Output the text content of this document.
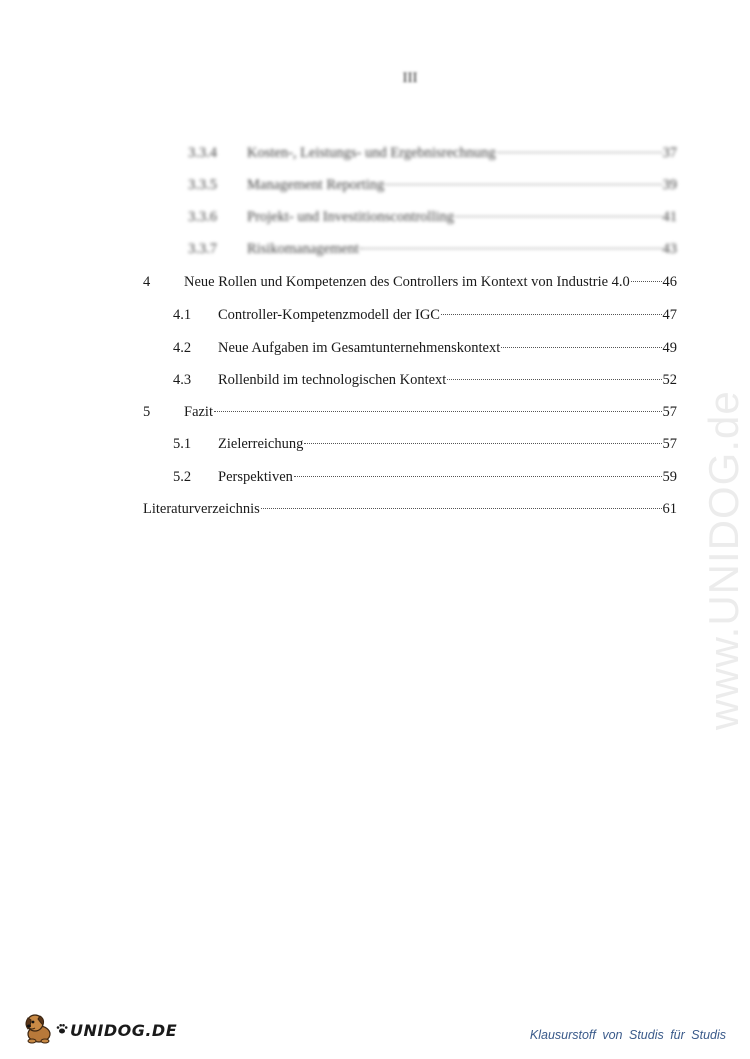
III
3.3.4	Kosten-, Leistungs- und Ergebnisrechnung	37
3.3.5	Management Reporting	39
3.3.6	Projekt- und Investitionscontrolling	41
3.3.7	Risikomanagement	43
4	Neue Rollen und Kompetenzen des Controllers im Kontext von Industrie 4.0 46
4.1	Controller-Kompetenzmodell der IGC	47
4.2	Neue Aufgaben im Gesamtunternehmenskontext	49
4.3	Rollenbild im technologischen Kontext	52
5	Fazit	57
5.1	Zielerreichung	57
5.2	Perspektiven	59
Literaturverzeichnis	61 www.UNIDOG.de
UNIDOG.DE	Klausurstoff von Studis für Studis
